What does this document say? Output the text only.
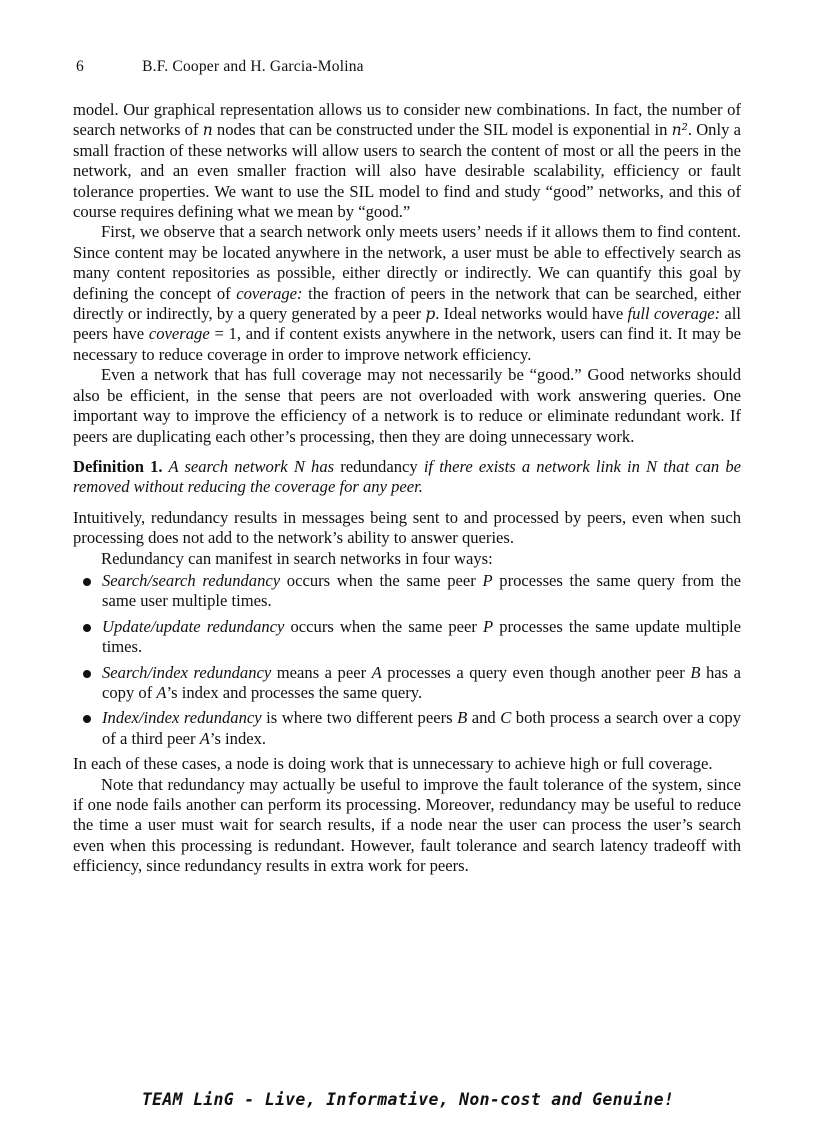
6	B.F. Cooper and H. Garcia-Molina

model. Our graphical representation allows us to consider new combinations. In fact, the number of search networks of n nodes that can be constructed under the SIL model is exponential in n². Only a small fraction of these networks will allow users to search the content of most or all the peers in the network, and an even smaller fraction will also have desirable scalability, efficiency or fault tolerance properties. We want to use the SIL model to find and study “good” networks, and this of course requires defining what we mean by “good.”

First, we observe that a search network only meets users’ needs if it allows them to find content. Since content may be located anywhere in the network, a user must be able to effectively search as many content repositories as possible, either directly or indirectly. We can quantify this goal by defining the concept of coverage: the fraction of peers in the network that can be searched, either directly or indirectly, by a query generated by a peer p. Ideal networks would have full coverage: all peers have coverage = 1, and if content exists anywhere in the network, users can find it. It may be necessary to reduce coverage in order to improve network efficiency.

Even a network that has full coverage may not necessarily be “good.” Good networks should also be efficient, in the sense that peers are not overloaded with work answering queries. One important way to improve the efficiency of a network is to reduce or eliminate redundant work. If peers are duplicating each other’s processing, then they are doing unnecessary work.

Definition 1. A search network N has redundancy if there exists a network link in N that can be removed without reducing the coverage for any peer.

Intuitively, redundancy results in messages being sent to and processed by peers, even when such processing does not add to the network’s ability to answer queries.

Redundancy can manifest in search networks in four ways:

Search/search redundancy occurs when the same peer P processes the same query from the same user multiple times.
Update/update redundancy occurs when the same peer P processes the same update multiple times.
Search/index redundancy means a peer A processes a query even though another peer B has a copy of A’s index and processes the same query.
Index/index redundancy is where two different peers B and C both process a search over a copy of a third peer A’s index.

In each of these cases, a node is doing work that is unnecessary to achieve high or full coverage.

Note that redundancy may actually be useful to improve the fault tolerance of the system, since if one node fails another can perform its processing. Moreover, redundancy may be useful to reduce the time a user must wait for search results, if a node near the user can process the user’s search even when this processing is redundant. However, fault tolerance and search latency tradeoff with efficiency, since redundancy results in extra work for peers.

TEAM LinG - Live, Informative, Non-cost and Genuine!
